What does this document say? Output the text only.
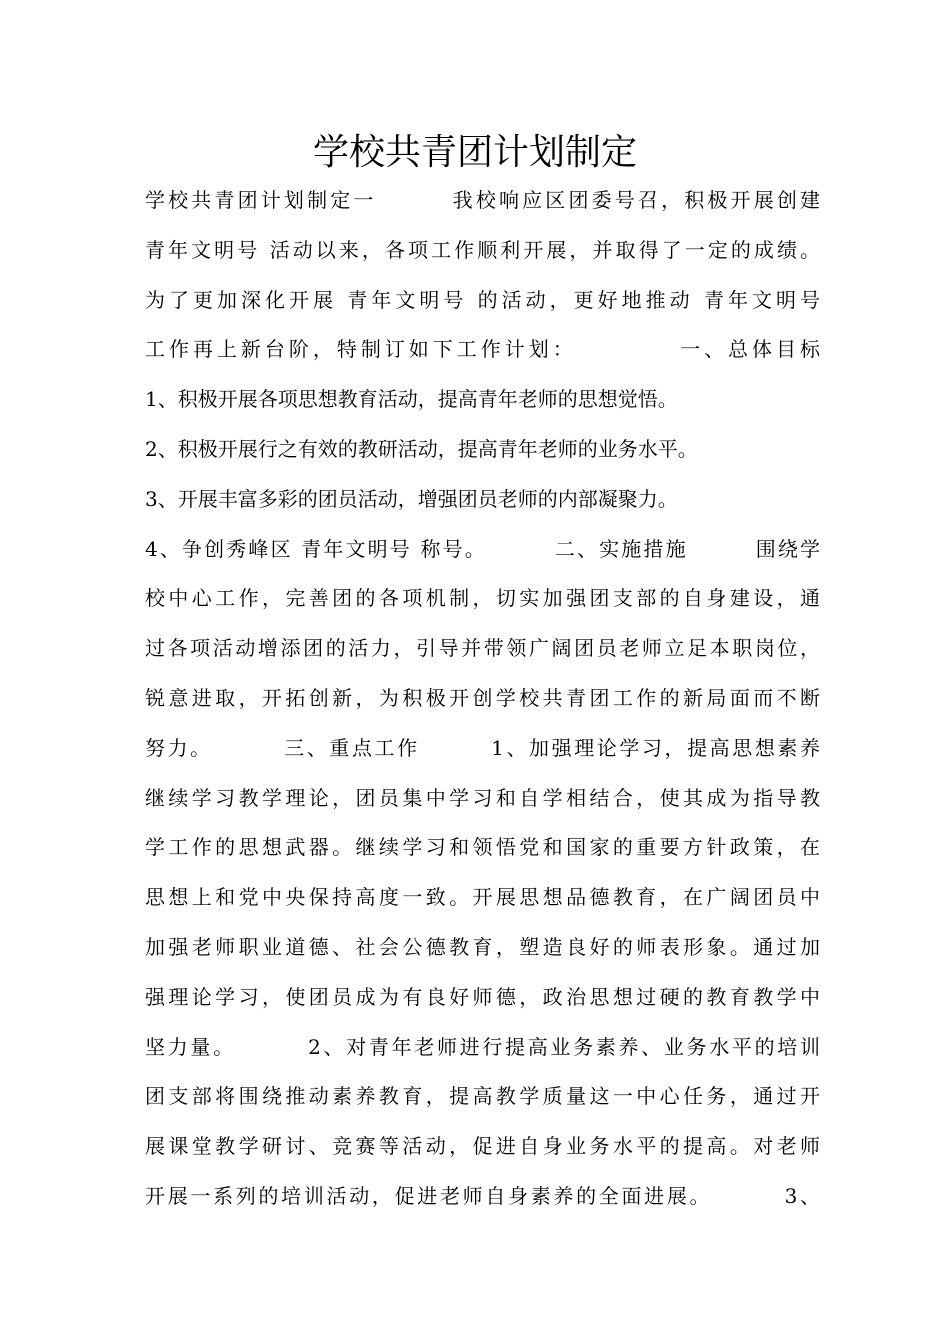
学校共青团计划制定
学校共青团计划制定一        我校响应区团委号召，积极开展创建
青年文明号 活动以来，各项工作顺利开展，并取得了一定的成绩。
为了更加深化开展 青年文明号 的活动，更好地推动 青年文明号
工作再上新台阶，特制订如下工作计划：          一、总体目标
1、积极开展各项思想教育活动，提高青年老师的思想觉悟。
2、积极开展行之有效的教研活动，提高青年老师的业务水平。
3、开展丰富多彩的团员活动，增强团员老师的内部凝聚力。
4、争创秀峰区 青年文明号 称号。        二、实施措施        围绕学
校中心工作，完善团的各项机制，切实加强团支部的自身建设，通
过各项活动增添团的活力，引导并带领广阔团员老师立足本职岗位，
锐意进取，开拓创新，为积极开创学校共青团工作的新局面而不断
努力。        三、重点工作        1、加强理论学习，提高思想素养
继续学习教学理论，团员集中学习和自学相结合，使其成为指导教
学工作的思想武器。继续学习和领悟党和国家的重要方针政策，在
思想上和党中央保持高度一致。开展思想品德教育，在广阔团员中
加强老师职业道德、社会公德教育，塑造良好的师表形象。通过加
强理论学习，使团员成为有良好师德，政治思想过硬的教育教学中
坚力量。        2、对青年老师进行提高业务素养、业务水平的培训
团支部将围绕推动素养教育，提高教学质量这一中心任务，通过开
展课堂教学研讨、竞赛等活动，促进自身业务水平的提高。对老师
开展一系列的培训活动，促进老师自身素养的全面进展。        3、
